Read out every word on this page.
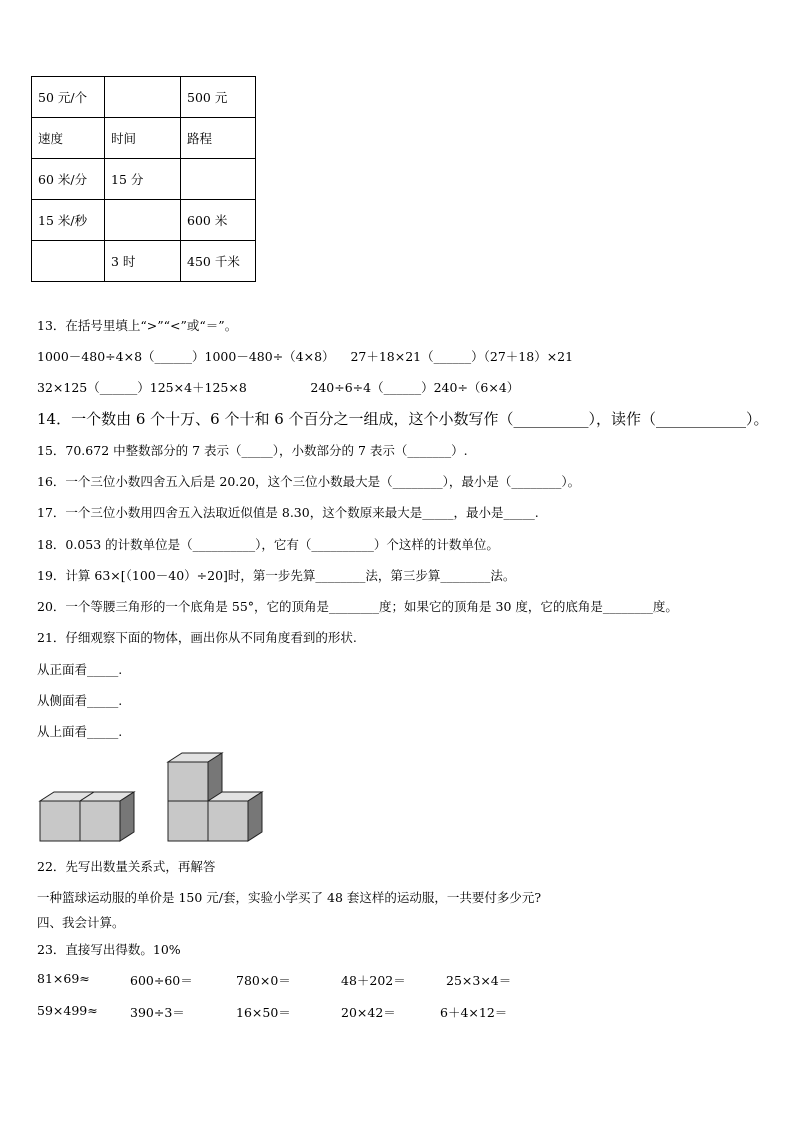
50 元/个		500 元
速度	时间	路程
60 米/分	15 分	
15 米/秒		600 米
	3 时	450 千米
13．在括号里填上“>”“<”或“＝”。
1000－480÷4×8（______）1000－480÷（4×8）    27＋18×21（______）（27＋18）×21
32×125（______）125×4＋125×8                240÷6÷4（______）240÷（6×4）
14．一个数由 6 个十万、6 个十和 6 个百分之一组成，这个小数写作（__________），读作（____________）。
15．70.672 中整数部分的 7 表示（_____），小数部分的 7 表示（_______）.
16．一个三位小数四舍五入后是 20.20，这个三位小数最大是（________），最小是（________）。
17．一个三位小数用四舍五入法取近似值是 8.30，这个数原来最大是_____，最小是_____.
18．0.053 的计数单位是（__________），它有（__________）个这样的计数单位。
19．计算 63×[（100－40）÷20]时，第一步先算________法，第三步算________法。
20．一个等腰三角形的一个底角是 55°，它的顶角是________度；如果它的顶角是 30 度，它的底角是________度。
21．仔细观察下面的物体，画出你从不同角度看到的形状.
从正面看_____.
从侧面看_____.
从上面看_____.
22．先写出数量关系式，再解答
一种篮球运动服的单价是 150 元/套，实验小学买了 48 套这样的运动服，一共要付多少元?
四、我会计算。
23．直接写出得数。10%
81×69≈	600÷60＝	780×0＝	48＋202＝	25×3×4＝
59×499≈	390÷3＝	16×50＝	20×42＝	6＋4×12＝
